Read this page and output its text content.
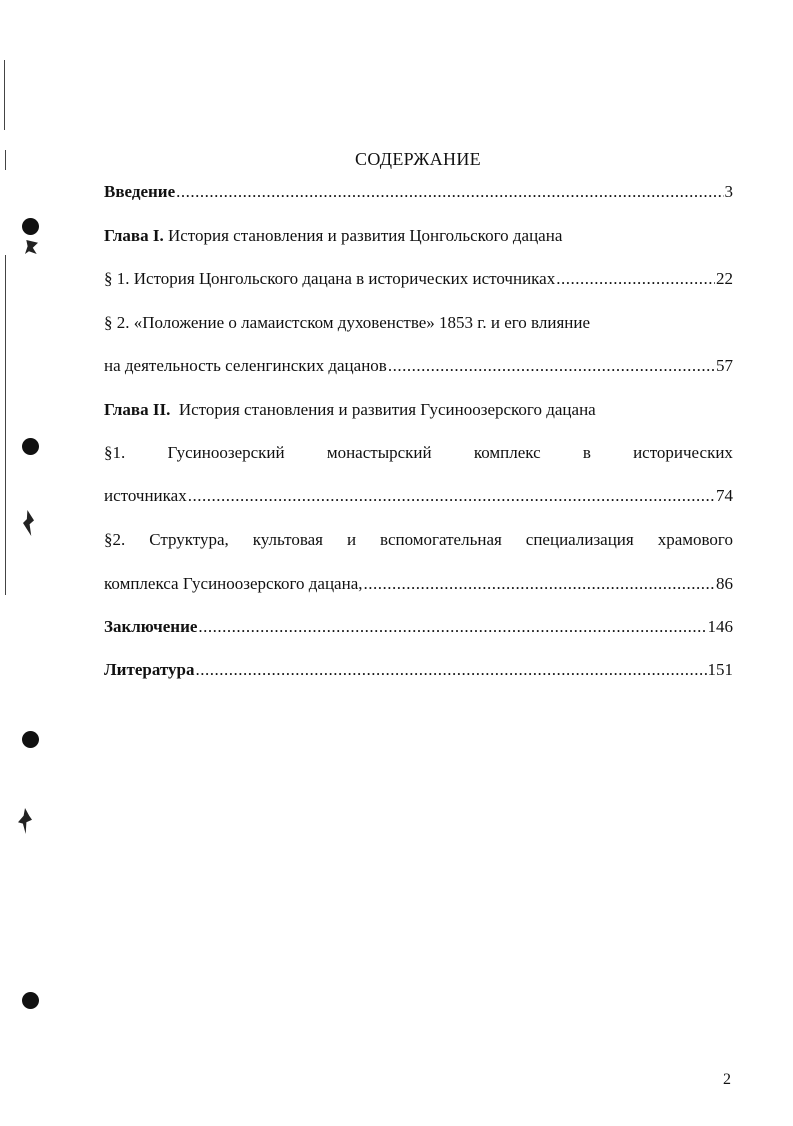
СОДЕРЖАНИЕ
Введение .....	3
Глава I. История становления и развития Цонгольского дацана
§ 1. История Цонгольского дацана в исторических источниках .....	22
§ 2. «Положение о ламаистском духовенстве» 1853 г. и его влияние
на деятельность селенгинских дацанов .....	57
Глава II. История становления и развития Гусиноозерского дацана
§1. Гусиноозерский монастырский комплекс в исторических
источниках .....	74
§2. Структура, культовая и вспомогательная специализация храмового
комплекса Гусиноозерского дацана, .....	86
Заключение .....	146
Литература .....	151
2
